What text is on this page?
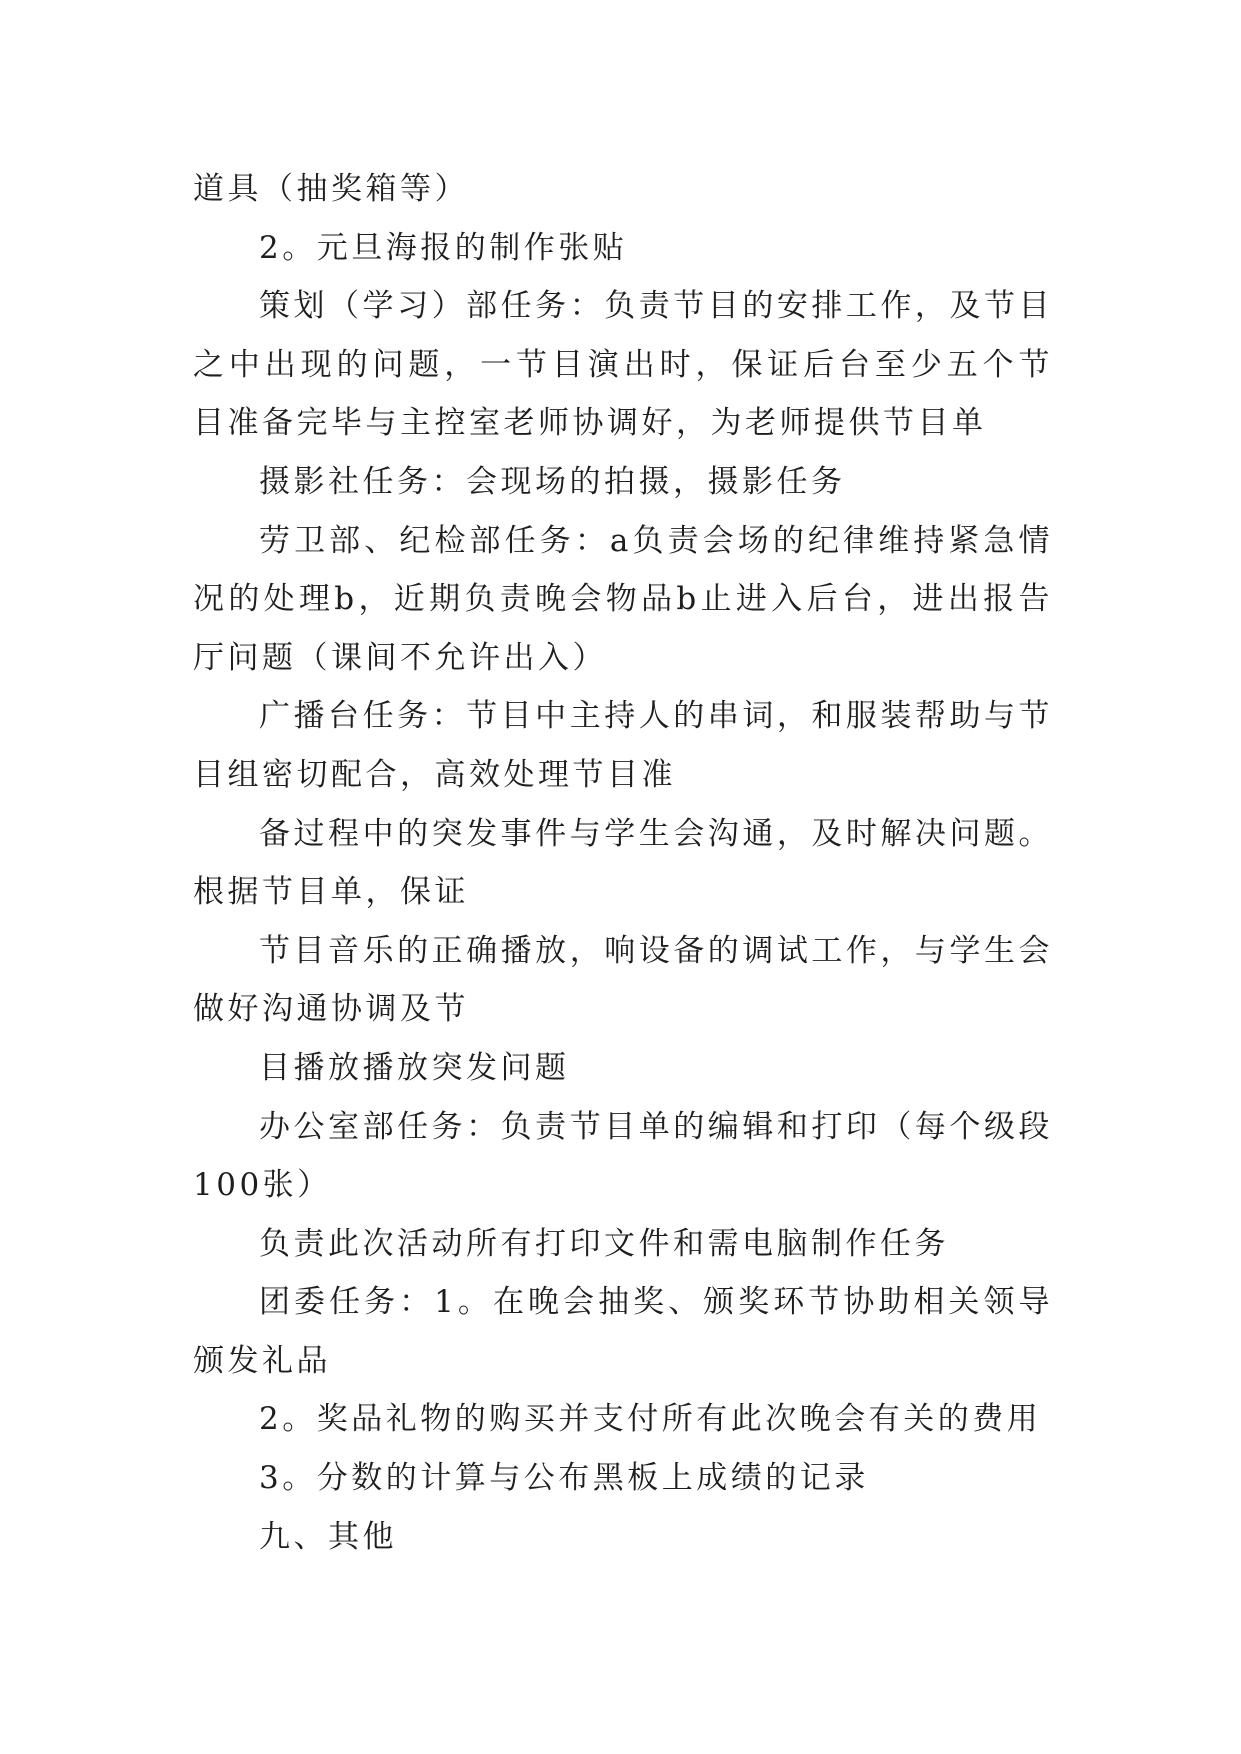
道具（抽奖箱等）

2。元旦海报的制作张贴

策划（学习）部任务：负责节目的安排工作，及节目之中出现的问题，一节目演出时，保证后台至少五个节目准备完毕与主控室老师协调好，为老师提供节目单

摄影社任务：会现场的拍摄，摄影任务

劳卫部、纪检部任务：a负责会场的纪律维持紧急情况的处理b，近期负责晚会物品b止进入后台，进出报告厅问题（课间不允许出入）

广播台任务：节目中主持人的串词，和服装帮助与节目组密切配合，高效处理节目准

备过程中的突发事件与学生会沟通，及时解决问题。根据节目单，保证

节目音乐的正确播放，响设备的调试工作，与学生会做好沟通协调及节

目播放播放突发问题

办公室部任务：负责节目单的编辑和打印（每个级段100张）

负责此次活动所有打印文件和需电脑制作任务

团委任务：1。在晚会抽奖、颁奖环节协助相关领导颁发礼品

2。奖品礼物的购买并支付所有此次晚会有关的费用

3。分数的计算与公布黑板上成绩的记录

九、其他
